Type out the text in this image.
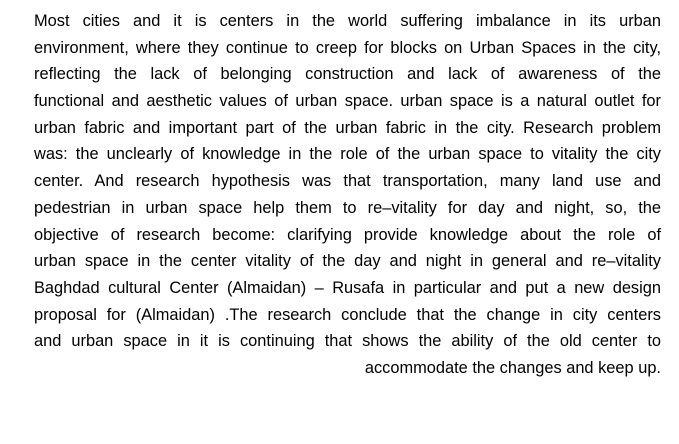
Most cities and it is centers in the world suffering imbalance in its urban
environment, where they continue to creep for blocks on Urban Spaces in the city,
reflecting the lack of belonging construction and lack of awareness of the
functional and aesthetic values of urban space. urban space is a natural outlet for
urban fabric and important part of the urban fabric in the city. Research problem
was: the unclearly of knowledge in the role of the urban space to vitality the city
center. And research hypothesis was that transportation, many land use and
pedestrian in urban space help them to re–vitality for day and night, so, the
objective of research become: clarifying provide knowledge about the role of
urban space in the center vitality of the day and night in general and re–vitality
Baghdad cultural Center (Almaidan) – Rusafa in particular and put a new design
proposal for (Almaidan) .The research conclude that the change in city centers
and urban space in it is continuing that shows the ability of the old center to
accommodate the changes and keep up.
